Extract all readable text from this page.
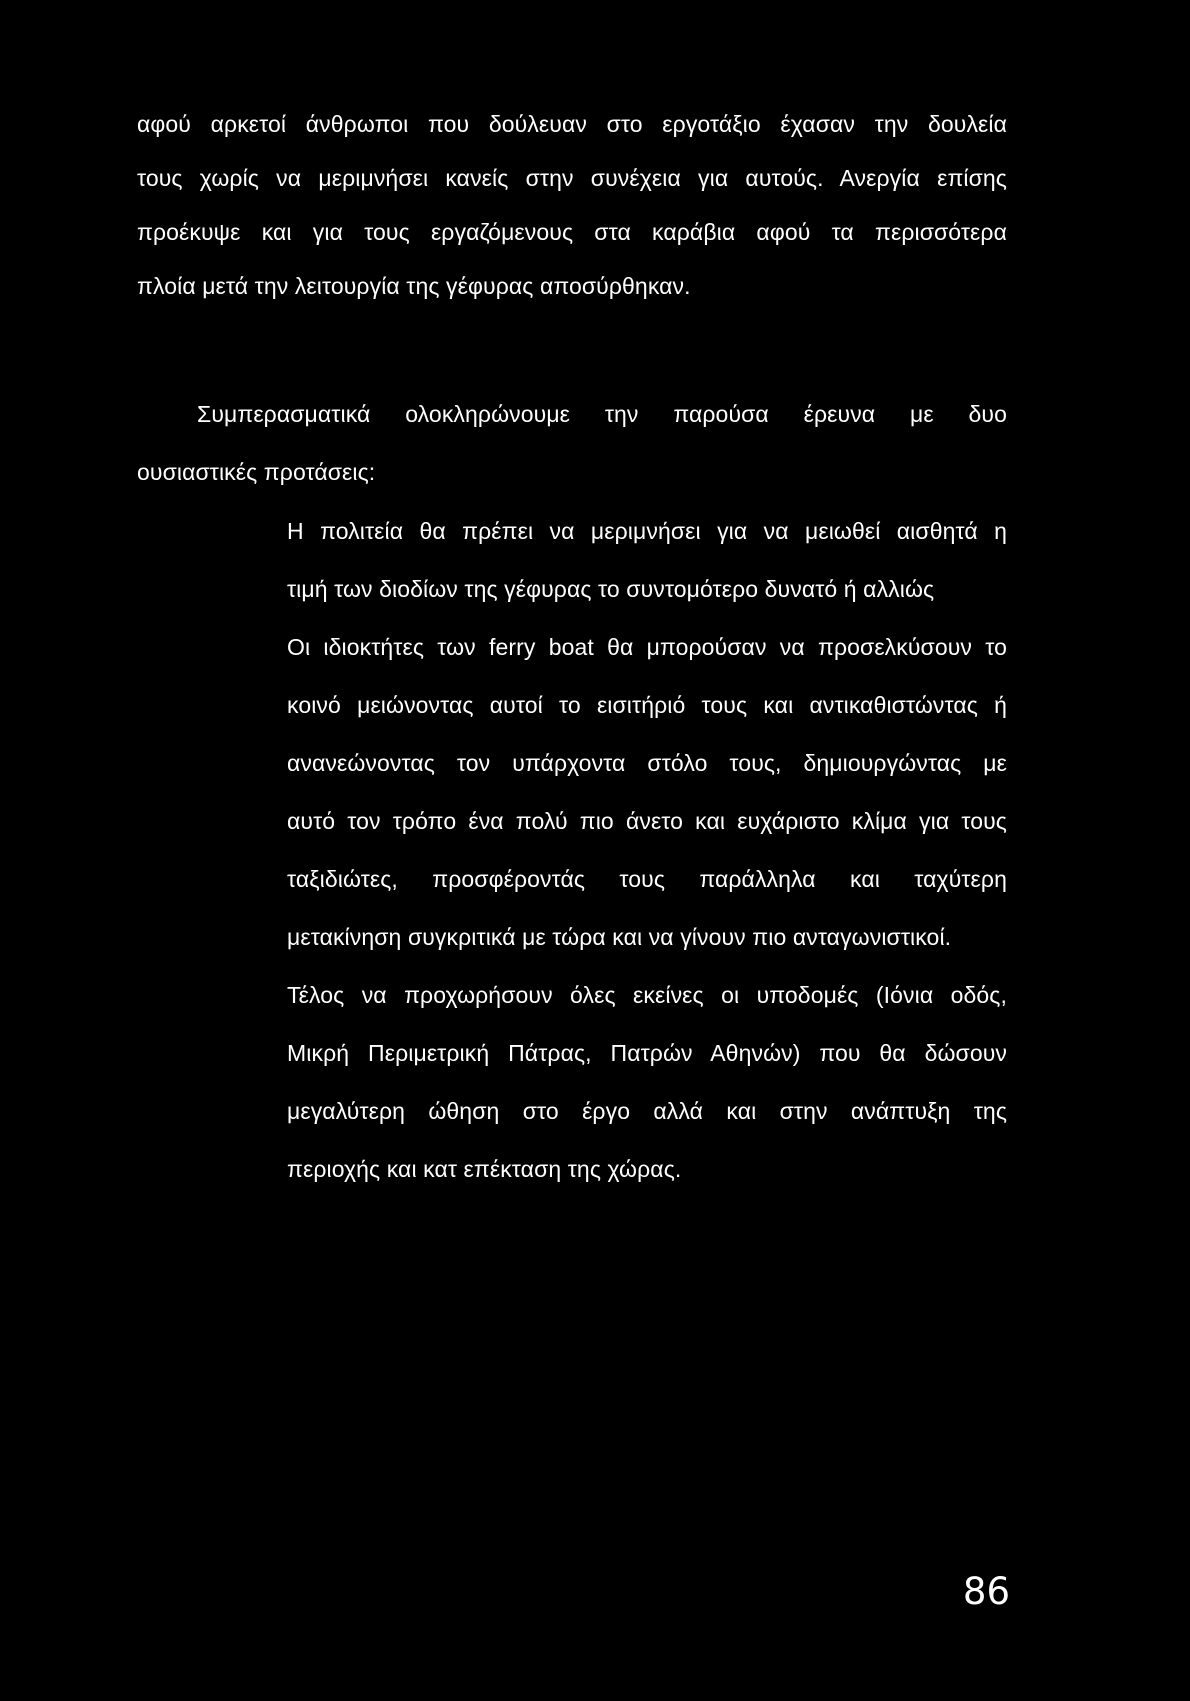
αφού αρκετοί άνθρωποι που δούλευαν στο εργοτάξιο έχασαν την δουλεία
τους χωρίς να μεριμνήσει κανείς στην συνέχεια για αυτούς. Ανεργία επίσης
προέκυψε και για τους εργαζόμενους στα καράβια αφού τα περισσότερα
πλοία μετά την λειτουργία της γέφυρας αποσύρθηκαν.
Συμπερασματικά ολοκληρώνουμε την παρούσα έρευνα με δυο
ουσιαστικές προτάσεις:
Η πολιτεία θα πρέπει να μεριμνήσει για να μειωθεί αισθητά η
τιμή των διοδίων της γέφυρας το συντομότερο δυνατό ή αλλιώς
Οι ιδιοκτήτες των ferry boat θα μπορούσαν να προσελκύσουν το
κοινό μειώνοντας αυτοί το εισιτήριό τους και αντικαθιστώντας ή
ανανεώνοντας τον υπάρχοντα στόλο τους, δημιουργώντας με
αυτό τον τρόπο ένα πολύ πιο άνετο και ευχάριστο κλίμα για τους
ταξιδιώτες, προσφέροντάς τους παράλληλα και ταχύτερη
μετακίνηση συγκριτικά με τώρα και να γίνουν πιο ανταγωνιστικοί.
Τέλος να προχωρήσουν όλες εκείνες οι υποδομές (Ιόνια οδός,
Μικρή Περιμετρική Πάτρας, Πατρών Αθηνών) που θα δώσουν
μεγαλύτερη ώθηση στο έργο αλλά και στην ανάπτυξη της
περιοχής και κατ επέκταση της χώρας.
86
